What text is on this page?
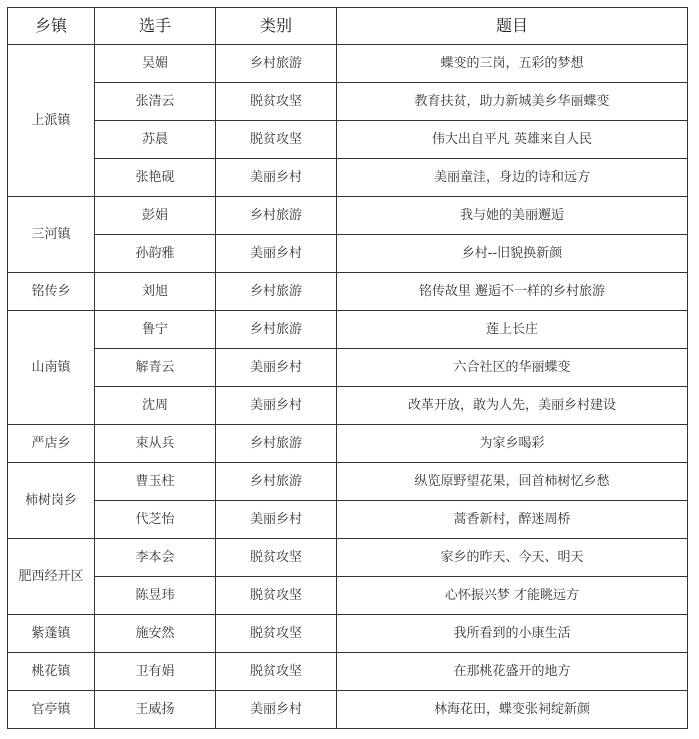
乡镇	选手	类别	题目
上派镇	吴媚	乡村旅游	蝶变的三岗，五彩的梦想
	张清云	脱贫攻坚	教育扶贫，助力新城美乡华丽蝶变
	苏晨	脱贫攻坚	伟大出自平凡 英雄来自人民
	张艳砚	美丽乡村	美丽童洼，身边的诗和远方
三河镇	彭娟	乡村旅游	我与她的美丽邂逅
	孙韵雅	美丽乡村	乡村--旧貌换新颜
铭传乡	刘旭	乡村旅游	铭传故里 邂逅不一样的乡村旅游
山南镇	鲁宁	乡村旅游	莲上长庄
	解青云	美丽乡村	六合社区的华丽蝶变
	沈周	美丽乡村	改革开放，敢为人先，美丽乡村建设
严店乡	束从兵	乡村旅游	为家乡喝彩
柿树岗乡	曹玉柱	乡村旅游	纵览原野望花果，回首柿树忆乡愁
	代芝怡	美丽乡村	蒿香新村，醉迷周桥
肥西经开区	李本会	脱贫攻坚	家乡的昨天、今天、明天
	陈昱玮	脱贫攻坚	心怀振兴梦 才能眺远方
紫蓬镇	施安然	脱贫攻坚	我所看到的小康生活
桃花镇	卫有娟	脱贫攻坚	在那桃花盛开的地方
官亭镇	王威扬	美丽乡村	林海花田，蝶变张祠绽新颜
